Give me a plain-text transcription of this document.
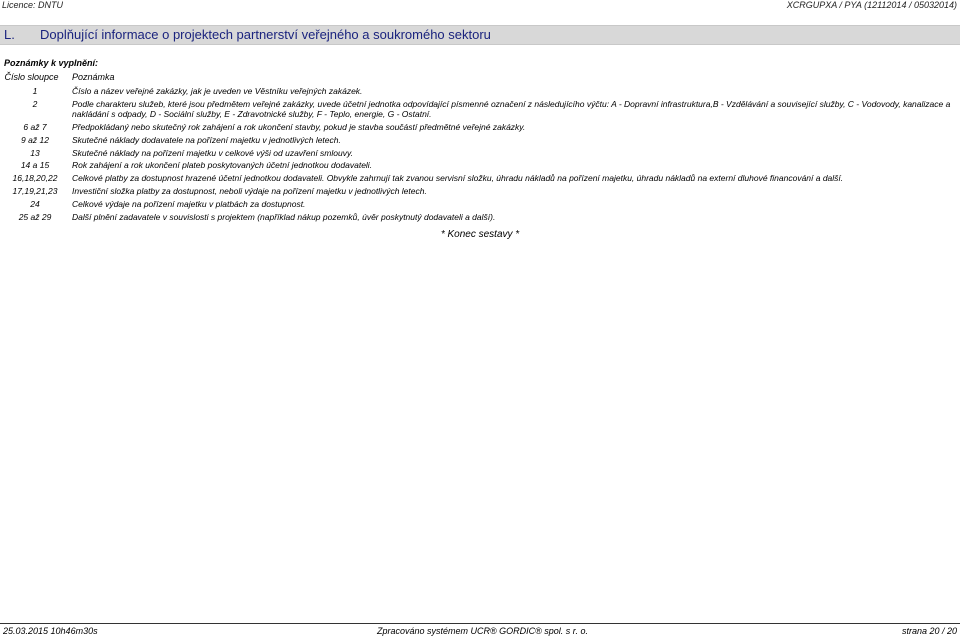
Licence: DNTU	XCRGUPXA / PYA (12112014 / 05032014)
L. Doplňující informace o projektech partnerství veřejného a soukromého sektoru
Poznámky k vyplnění:
Číslo sloupce	Poznámka
1	Číslo a název veřejné zakázky, jak je uveden ve Věstníku veřejných zakázek.
2	Podle charakteru služeb, které jsou předmětem veřejné zakázky, uvede účetní jednotka odpovídající písmenné označení z následujícího výčtu: A - Dopravní infrastruktura,B - Vzdělávání a související služby, C - Vodovody, kanalizace a nakládání s odpady, D - Sociální služby, E - Zdravotnické služby, F - Teplo, energie, G - Ostatní.
6 až 7	Předpokládaný nebo skutečný rok zahájení a rok ukončení stavby, pokud je stavba součástí předmětné veřejné zakázky.
9 až 12	Skutečné náklady dodavatele na pořízení majetku v jednotlivých letech.
13	Skutečné náklady na pořízení majetku v celkové výši od uzavření smlouvy.
14 a 15	Rok zahájení a rok ukončení plateb poskytovaných účetní jednotkou dodavateli.
16,18,20,22	Celkové platby za dostupnost hrazené účetní jednotkou dodavateli. Obvykle zahrnují tak zvanou servisní složku, úhradu nákladů na pořízení majetku, úhradu nákladů na externí dluhové financování a další.
17,19,21,23	Investiční složka platby za dostupnost, neboli výdaje na pořízení majetku v jednotlivých letech.
24	Celkové výdaje na pořízení majetku v platbách za dostupnost.
25 až 29	Další plnění zadavatele v souvislosti s projektem (například nákup pozemků, úvěr poskytnutý dodavateli a další).
* Konec sestavy *
25.03.2015 10h46m30s	Zpracováno systémem UCR® GORDIC® spol. s r. o.	strana 20 / 20
